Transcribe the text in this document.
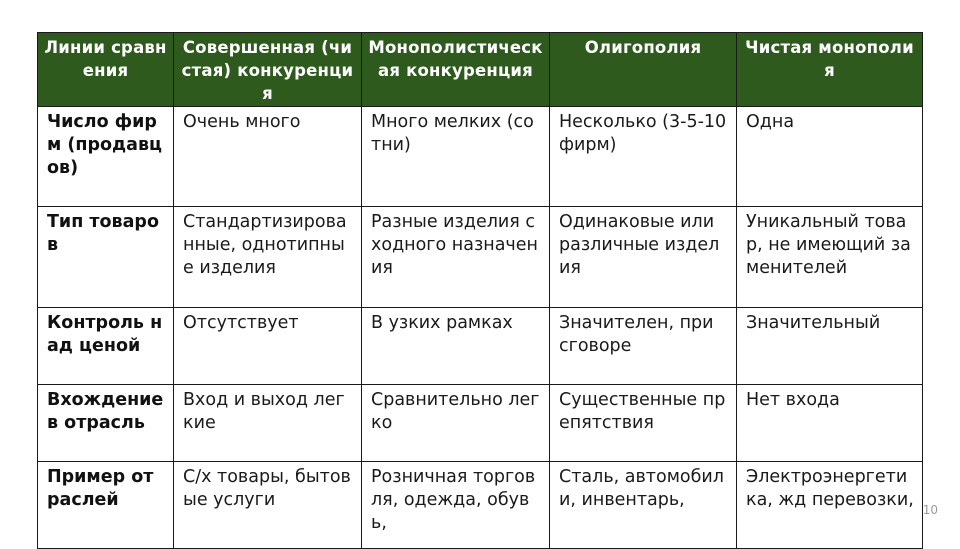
Линии сравнения	Совершенная (чистая) конкуренция	Монополистическая конкуренция	Олигополия	Чистая монополия
Число фирм (продавцов)	Очень много	Много мелких (сотни)	Несколько (3-5-10 фирм)	Одна
Тип товаров	Стандартизированные, однотипные изделия	Разные изделия сходного назначения	Одинаковые или различные изделия	Уникальный товар, не имеющий заменителей
Контроль над ценой	Отсутствует	В узких рамках	Значителен, при сговоре	Значительный
Вхождение в отрасль	Вход и выход легкие	Сравнительно легко	Существенные препятствия	Нет входа
Пример отраслей	С/х товары, бытовые услуги	Розничная торговля, одежда, обувь,	Сталь, автомобили, инвентарь,	Электроэнергетика, жд перевозки, 10
